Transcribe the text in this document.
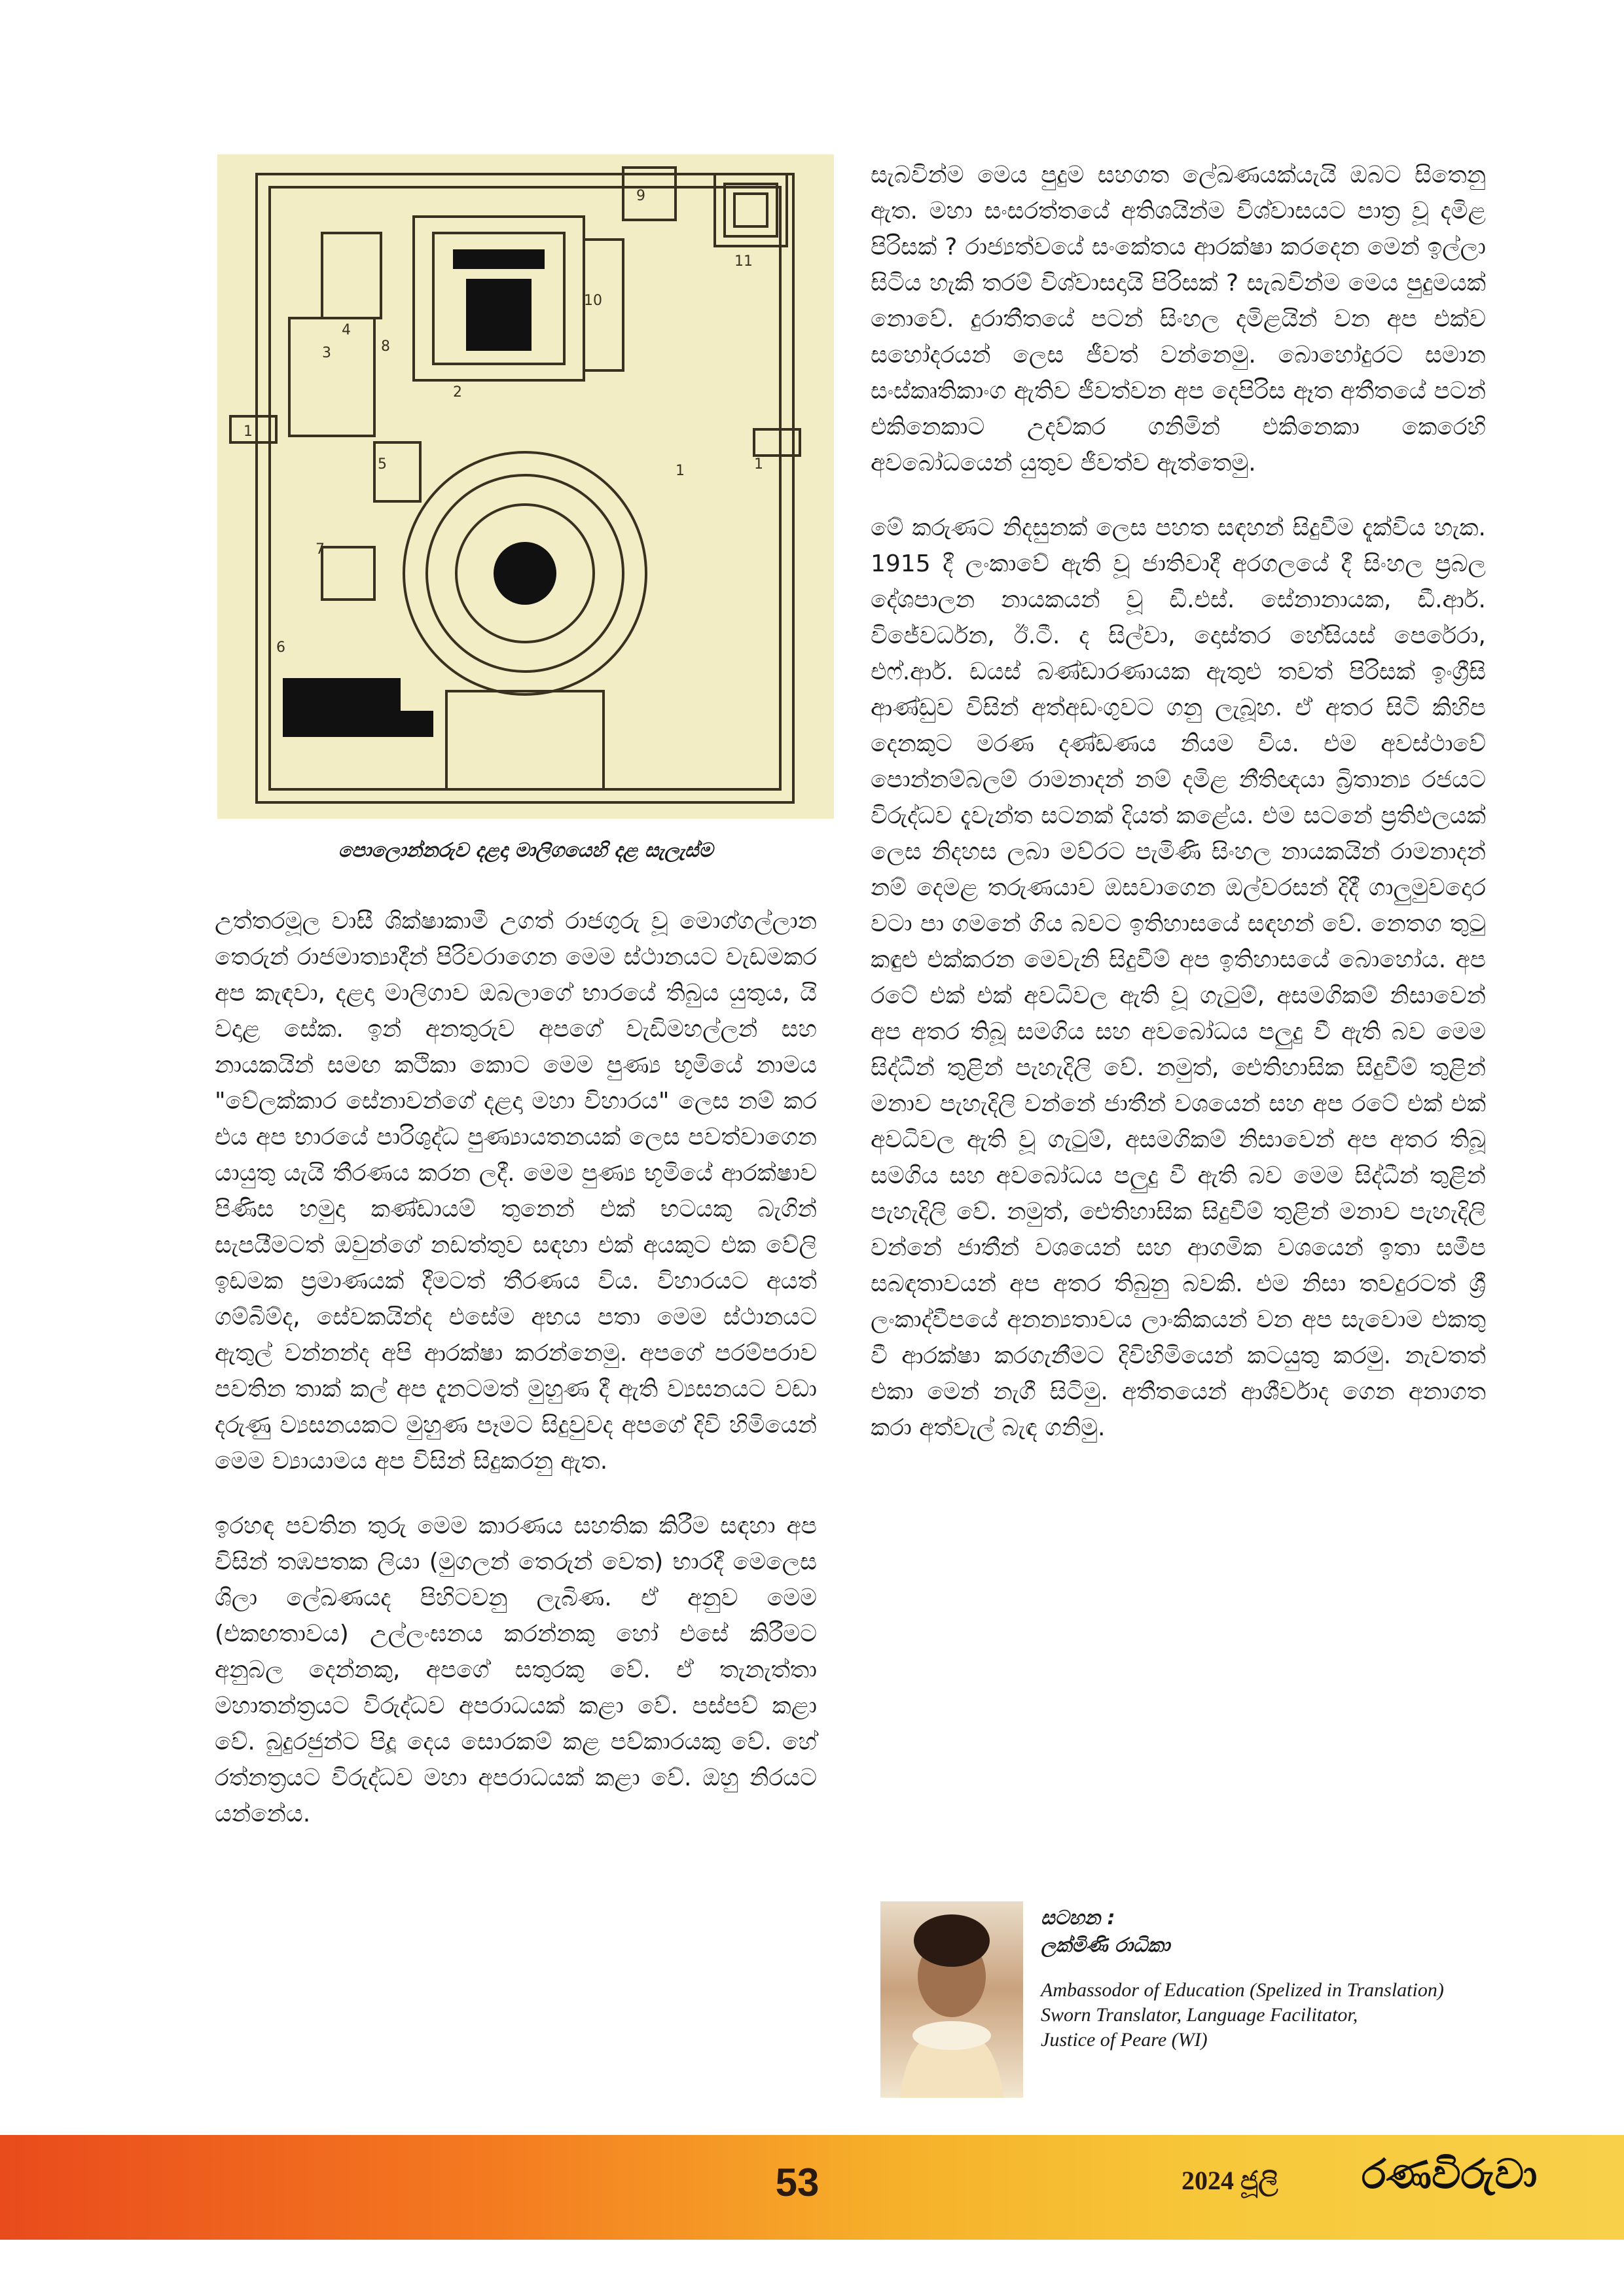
1
2
3
4
5
6
7
8
9
10
11
1
1
පොලොන්නරුව දළදා මාලිගයෙහි දළ සැලැස්ම

උත්තරමූල වාසී ශික්ෂාකාමී උගත් රාජගුරු වූ මොග්ගල්ලාන තෙරුන් රාජමාත්‍යාදීන් පිරිවරාගෙන මෙම ස්ථානයට වැඩමකර අප කැඳවා, දළදා මාලිගාව ඔබලාගේ භාරයේ තිබුය යුතුය, යි වදාළ සේක. ඉන් අනතුරුව අපගේ වැඩිමහල්ලන් සහ නායකයින් සමඟ කථිකා කොට මෙම පුණ්‍ය භූමියේ නාමය "වේලක්කාර සේනාවන්ගේ දළදා මහා විහාරය" ලෙස නම් කර එය අප භාරයේ පාරිශුද්ධ පුණ්‍යායතනයක් ලෙස පවත්වාගෙන යායුතු යැයි තීරණය කරන ලදී. මෙම පුණ්‍ය භූමියේ ආරක්ෂාව පිණිස හමුදා කණ්ඩායම් තුනෙන් එක් භටයකු බැගින් සැපයීමටත් ඔවුන්ගේ නඩත්තුව සඳහා එක් අයකුට එක වේලි ඉඩමක ප්‍රමාණයක් දීමටත් තීරණය විය. විහාරයට අයත් ගම්බිම්ද, සේවකයින්ද එසේම අභය පතා මෙම ස්ථානයට ඇතුල් වන්නන්ද අපි ආරක්ෂා කරන්නෙමු. අපගේ පරම්පරාව පවතින තාක් කල් අප දැනටමත් මුහුණ දී ඇති ව්‍යසනයට වඩා දරුණු ව්‍යසනයකට මුහුණ පෑමට සිදුවුවද අපගේ දිවි හිමියෙන් මෙම ව්‍යායාමය අප විසින් සිදුකරනු ඇත.

ඉරහඳ පවතින තුරු මෙම කාරණය සහතික කිරීම සඳහා අප විසින් තඹපතක ලියා (මුගලන් තෙරුන් වෙත) භාරදී මෙලෙස ශිලා ලේඛණයද පිහිටවනු ලැබිණ. ඒ අනුව මෙම (එකඟතාවය) උල්ලංඝනය කරන්නකු හෝ එසේ කිරීමට අනුබල දෙන්නකු, අපගේ සතුරකු වේ. ඒ තැනැත්තා මහාතන්ත්‍රයට විරුද්ධව අපරාධයක් කළා වේ. පස්පව් කළා වේ. බුදුරජුන්ට පිදූ දෙය සොරකම් කළ පව්කාරයකු වේ. හේ රත්නත්‍රයට විරුද්ධව මහා අපරාධයක් කළා වේ. ඔහු නිරයට යන්නේය.

සැබවින්ම මෙය පුදුම සහගත ලේඛණයක්යැයි ඔබට සිතෙනු ඇත. මහා සංසරත්තයේ අතිශයින්ම විශ්වාසයට පාත්‍ර වූ දමිළ පිරිසක් ? රාජ්‍යත්වයේ සංකේතය ආරක්ෂා කරදෙන මෙන් ඉල්ලා සිටිය හැකි තරම් විශ්වාසදායි පිරිසක් ? සැබවින්ම මෙය පුදුමයක් නොවේ. දුරාතීතයේ පටන් සිංහල දමිළයින් වන අප එක්ව සහෝදරයන් ලෙස ජීවත් වන්නෙමු. බොහෝදුරට සමාන සංස්කෘතිකාංග ඇතිව ජීවත්වන අප දෙපිරිස ඈත අතීතයේ පටන් එකිනෙකාට උදව්කර ගනිමින් එකිනෙකා කෙරෙහි අවබෝධයෙන් යුතුව ජීවත්ව ඇත්තෙමු.

මේ කරුණට නිදසුනක් ලෙස පහත සඳහන් සිදුවීම දැක්විය හැක. 1915 දී ලංකාවේ ඇති වූ ජාතිවාදී අරගලයේ දී සිංහල ප්‍රබල දේශපාලන නායකයන් වූ ඩී.එස්. සේනානායක, ඩී.ආර්. විජේවර්ධන, ඊ.ටී. ද සිල්වා, දොස්තර හේසියස් පෙරේරා, එෆ්.ආර්. ඩයස් බණ්ඩාරණායක ඇතුළු තවත් පිරිසක් ඉංග්‍රීසි ආණ්ඩුව විසින් අත්අඩංගුවට ගනු ලැබූහ. ඒ අතර සිටි කිහිප දෙනකුට මරණ දණ්ඩණය නියම විය. එම අවස්ථාවේ පොන්නම්බලම් රාමනාදන් නම් දමිළ නීතිඥයා බ්‍රිතාන්‍ය රජයට විරුද්ධව දැවැන්ත සටනක් දියත් කළේය. එම සටනේ ප්‍රතිඵලයක් ලෙස නිදහස ලබා මව්රට පැමිණි සිංහල නායකයින් රාමනාදන් නම් දෙමළ තරුණයාව ඔසවාගෙන ඔල්වරසන් දිදී ගාලුමුවදොර වටා පා ගමනේ ගිය බවට ඉතිහාසයේ සඳහන් වේ. නෙතග තුටු කඳුළු එක්කරන මෙවැනි සිදුවීම් අප ඉතිහාසයේ බොහෝය. අප රටේ එක් එක් අවධිවල ඇති වූ ගැටුම්, අසමගිකම් නිසාවෙන් අප අතර තිබූ සමගිය සහ අවබෝධය පලුදු වී ඇති බව මෙම සිද්ධීන් තුළින් පැහැදිලි වේ. නමුත්, ඓතිහාසික සිදුවීම් තුළින් මනාව පැහැදිලි වන්නේ ජාතීන් වශයෙන් සහ අප රටේ එක් එක් අවධිවල ඇති වූ ගැටුම්, අසමගිකම් නිසාවෙන් අප අතර තිබූ සමගිය සහ අවබෝධය පලුදු වී ඇති බව මෙම සිද්ධීන් තුළින් පැහැදිලි වේ. නමුත්, ඓතිහාසික සිදුවීම් තුළින් මනාව පැහැදිලි වන්නේ ජාතීන් වශයෙන් සහ ආගමික වශයෙන් ඉතා සමීප සබඳතාවයන් අප අතර තිබුනු බවකි. එම නිසා තවදුරටත් ශ්‍රී ලංකාද්වීපයේ අනන්‍යතාවය ලාංකිකයන් වන අප සැවොම එකතු වී ආරක්ෂා කරගැනීමට දිවිහිමියෙන් කටයුතු කරමු. නැවතත් එකා මෙන් නැගී සිටිමු. අතීතයෙන් ආශීර්වාද ගෙන අනාගත කරා අත්වැල් බැඳ ගනිමු.

සටහන :
ලක්මිණි රාධිකා
Ambassodor of Education (Spelized in Translation)
Sworn Translator, Language Facilitator,
Justice of Peare (WI)
53	2024 ජූලි රණවිරුවා
